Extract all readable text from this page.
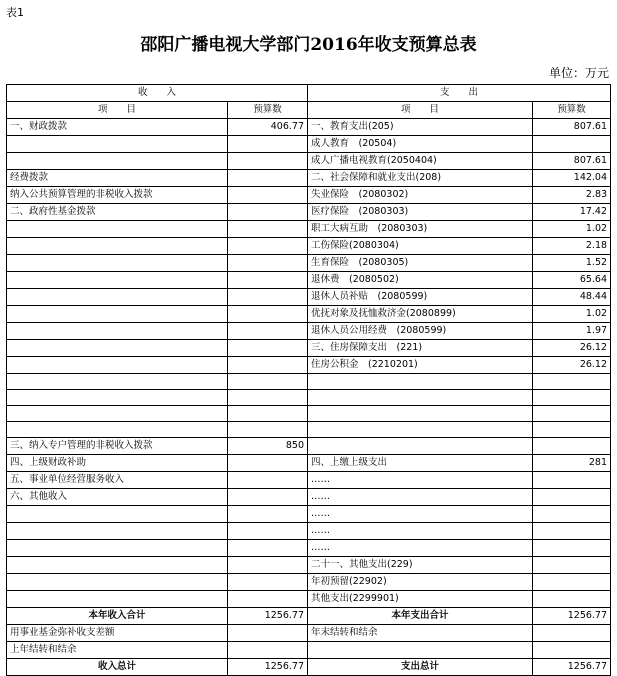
表1
邵阳广播电视大学部门2016年收支预算总表
单位：万元
收　　入		支　　出	
项　　目	预算数	项　　目	预算数
一、财政拨款	406.77	一、教育支出(205)	807.61
		成人教育　(20504)	
		成人广播电视教育(2050404)	807.61
经费拨款		二、社会保障和就业支出(208)	142.04
纳入公共预算管理的非税收入拨款		失业保险　(2080302)	2.83
二、政府性基金拨款		医疗保险　(2080303)	17.42
		职工大病互助　(2080303)	1.02
		工伤保险(2080304)	2.18
		生育保险　(2080305)	1.52
		退休费　(2080502)	65.64
		退休人员补贴　(2080599)	48.44
		优抚对象及抚恤救济金(2080899)	1.02
		退休人员公用经费　(2080599)	1.97
		三、住房保障支出　(221)	26.12
		住房公积金　(2210201)	26.12

三、纳入专户管理的非税收入拨款	850		
四、上级财政补助		四、上缴上级支出	281
五、事业单位经营服务收入		……	
六、其他收入		……	
		……	
		……	
		……	
		二十一、其他支出(229)	
		年初预留(22902)	
		其他支出(2299901)	
本年收入合计	1256.77	本年支出合计	1256.77
用事业基金弥补收支差额		年末结转和结余	
上年结转和结余			
收入总计	1256.77	支出总计	1256.77
